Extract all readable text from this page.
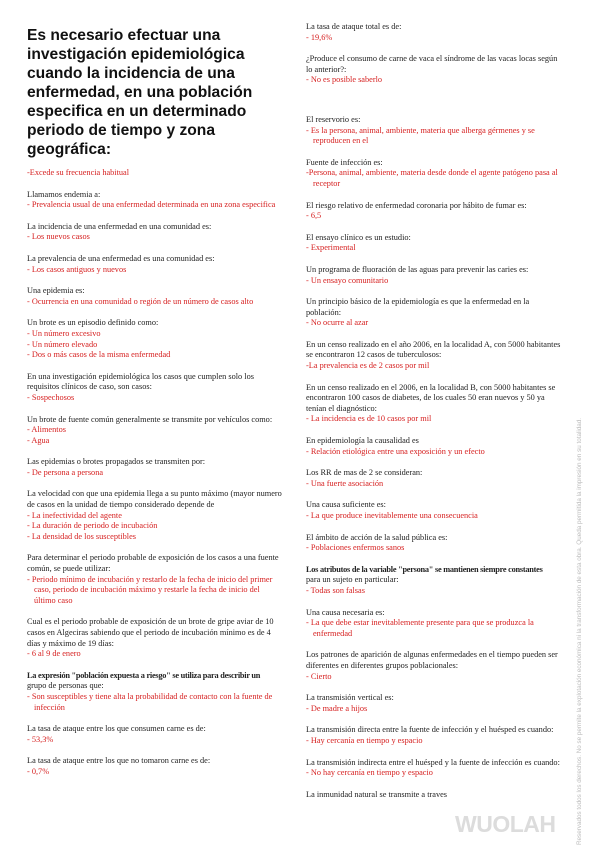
Es necesario efectuar una investigación epidemiológica cuando la incidencia de una enfermedad, en una población especifica en un determinado periodo de tiempo y zona geográfica:
-Excede su frecuencia habitual
Llamamos endemia a:
- Prevalencia usual de una enfermedad determinada en una zona especifica
La incidencia de una enfermedad en una comunidad es:
- Los nuevos casos
La prevalencia de una enfermedad es una comunidad es:
- Los casos antiguos y nuevos
Una epidemia es:
- Ocurrencia en una comunidad o región de un número de casos alto
Un brote es un episodio definido como:
- Un número excesivo
- Un número elevado
- Dos o más casos de la misma enfermedad
En una investigación epidemiológica los casos que cumplen solo los requisitos clínicos de caso, son casos:
- Sospechosos
Un brote de fuente común generalmente se transmite por vehículos como:
- Alimentos
- Agua
Las epidemias o brotes propagados se transmiten por:
- De persona a persona
La velocidad con que una epidemia llega a su punto máximo (mayor numero de casos en la unidad de tiempo considerado depende de
- La inefectividad del agente
- La duración de periodo de incubación
- La densidad de los susceptibles
Para determinar el periodo probable de exposición de los casos a una fuente común, se puede utilizar:
- Periodo mínimo de incubación y restarlo de la fecha de inicio del primer caso, periodo de incubación máximo y restarle la fecha de inicio del último caso
Cual es el periodo probable de exposición de un brote de gripe aviar de 10 casos en Algeciras sabiendo que el periodo de incubación mínimo es de 4 días y máximo de 19 días:
- 6 al 9 de enero
La expresión "población expuesta a riesgo" se utiliza para describir un
grupo de personas que:
- Son susceptibles y tiene alta la probabilidad de contacto con la fuente de infección
La tasa de ataque entre los que consumen carne es de:
- 53,3%
La tasa de ataque entre los que no tomaron carne es de:
- 0,7%
La tasa de ataque total es de:
- 19,6%
¿Produce el consumo de carne de vaca el síndrome de las vacas locas según lo anterior?:
- No es posible saberlo
El reservorio es:
- Es la persona, animal, ambiente, materia que alberga gérmenes y se reproducen en el
Fuente de infección es:
-Persona, animal, ambiente, materia desde donde el agente patógeno pasa al receptor
El riesgo relativo de enfermedad coronaria por hábito de fumar es:
- 6,5
El ensayo clínico es un estudio:
- Experimental
Un programa de fluoración de las aguas para prevenir las caries es:
- Un ensayo comunitario
Un principio básico de la epidemiología es que la enfermedad en la población:
- No ocurre al azar
En un censo realizado en el año 2006, en la localidad A, con 5000 habitantes se encontraron 12 casos de tuberculosos:
-La prevalencia es de 2 casos por mil
En un censo realizado en el 2006, en la localidad B, con 5000 habitantes se encontraron 100 casos de diabetes, de los cuales 50 eran nuevos y 50 ya tenían el diagnóstico:
- La incidencia es de 10 casos por mil
En epidemiología la causalidad es
- Relación etiológica entre una exposición y un efecto
Los RR de mas de 2 se consideran:
- Una fuerte asociación
Una causa suficiente es:
- La que produce inevitablemente una consecuencia
El ámbito de acción de la salud pública es:
- Poblaciones enfermos sanos
Los atributos de la variable "persona" se mantienen siempre constantes
para un sujeto en particular:
- Todas son falsas
Una causa necesaria es:
- La que debe estar inevitablemente presente para que se produzca la enfermedad
Los patrones de aparición de algunas enfermedades en el tiempo pueden ser diferentes en diferentes grupos poblacionales:
- Cierto
La transmisión vertical es:
- De madre a hijos
La transmisión directa entre la fuente de infección y el huésped es cuando:
- Hay cercanía en tiempo y espacio
La transmisión indirecta entre el huésped y la fuente de infección es cuando:
- No hay cercanía en tiempo y espacio
La inmunidad natural se transmite a traves	Reservados todos los derechos. No se permite la explotación económica ni la transformación de esta obra. Queda permitida la impresión en su totalidad.
WUOLAH
